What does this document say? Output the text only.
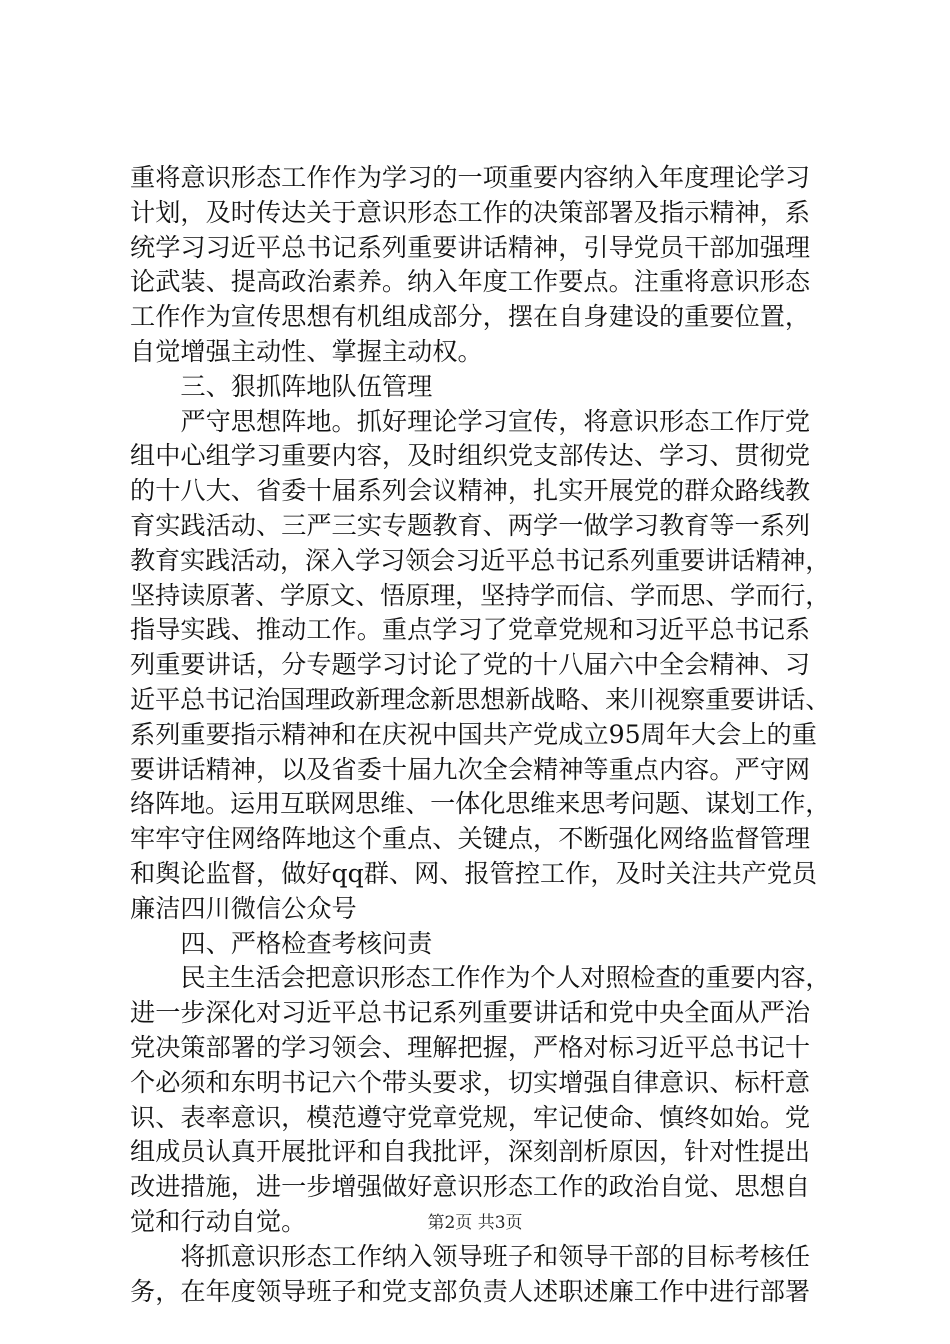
重将意识形态工作作为学习的一项重要内容纳入年度理论学习
计划，及时传达关于意识形态工作的决策部署及指示精神，系
统学习习近平总书记系列重要讲话精神，引导党员干部加强理
论武装、提高政治素养。纳入年度工作要点。注重将意识形态
工作作为宣传思想有机组成部分，摆在自身建设的重要位置，
自觉增强主动性、掌握主动权。
三、狠抓阵地队伍管理
严守思想阵地。抓好理论学习宣传，将意识形态工作厅党
组中心组学习重要内容，及时组织党支部传达、学习、贯彻党
的十八大、省委十届系列会议精神，扎实开展党的群众路线教
育实践活动、三严三实专题教育、两学一做学习教育等一系列
教育实践活动，深入学习领会习近平总书记系列重要讲话精神，
坚持读原著、学原文、悟原理，坚持学而信、学而思、学而行，
指导实践、推动工作。重点学习了党章党规和习近平总书记系
列重要讲话，分专题学习讨论了党的十八届六中全会精神、习
近平总书记治国理政新理念新思想新战略、来川视察重要讲话、
系列重要指示精神和在庆祝中国共产党成立95周年大会上的重
要讲话精神，以及省委十届九次全会精神等重点内容。严守网
络阵地。运用互联网思维、一体化思维来思考问题、谋划工作，
牢牢守住网络阵地这个重点、关键点，不断强化网络监督管理
和舆论监督，做好qq群、网、报管控工作，及时关注共产党员
廉洁四川微信公众号
四、严格检查考核问责
民主生活会把意识形态工作作为个人对照检查的重要内容，
进一步深化对习近平总书记系列重要讲话和党中央全面从严治
党决策部署的学习领会、理解把握，严格对标习近平总书记十
个必须和东明书记六个带头要求，切实增强自律意识、标杆意
识、表率意识，模范遵守党章党规，牢记使命、慎终如始。党
组成员认真开展批评和自我批评，深刻剖析原因，针对性提出
改进措施，进一步增强做好意识形态工作的政治自觉、思想自
觉和行动自觉。
将抓意识形态工作纳入领导班子和领导干部的目标考核任
务，在年度领导班子和党支部负责人述职述廉工作中进行部署
第2页 共3页
